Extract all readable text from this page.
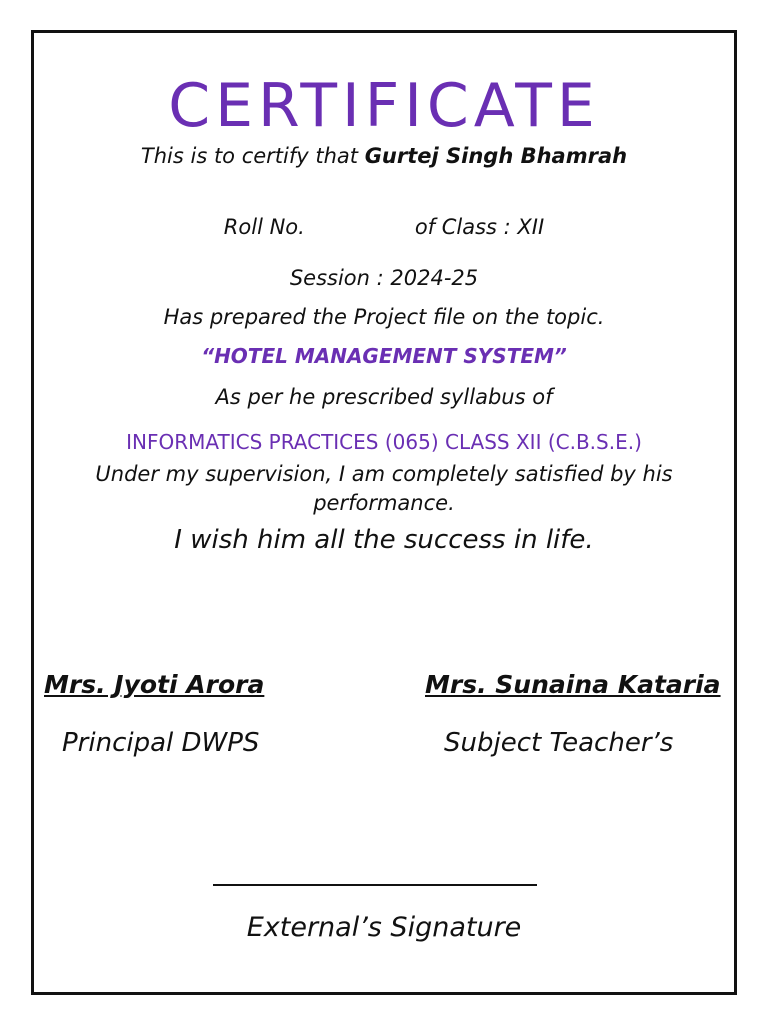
CERTIFICATE
This is to certify that Gurtej Singh Bhamrah
Roll No.	of Class : XII
Session : 2024-25
Has prepared the Project file on the topic.
“HOTEL MANAGEMENT SYSTEM”
As per he prescribed syllabus of
INFORMATICS PRACTICES (065) CLASS XII (C.B.S.E.)
Under my supervision, I am completely satisfied by his performance.
I wish him all the success in life.
Mrs. Jyoti Arora	Mrs. Sunaina Kataria
Principal DWPS	Subject Teacher’s
External’s Signature
